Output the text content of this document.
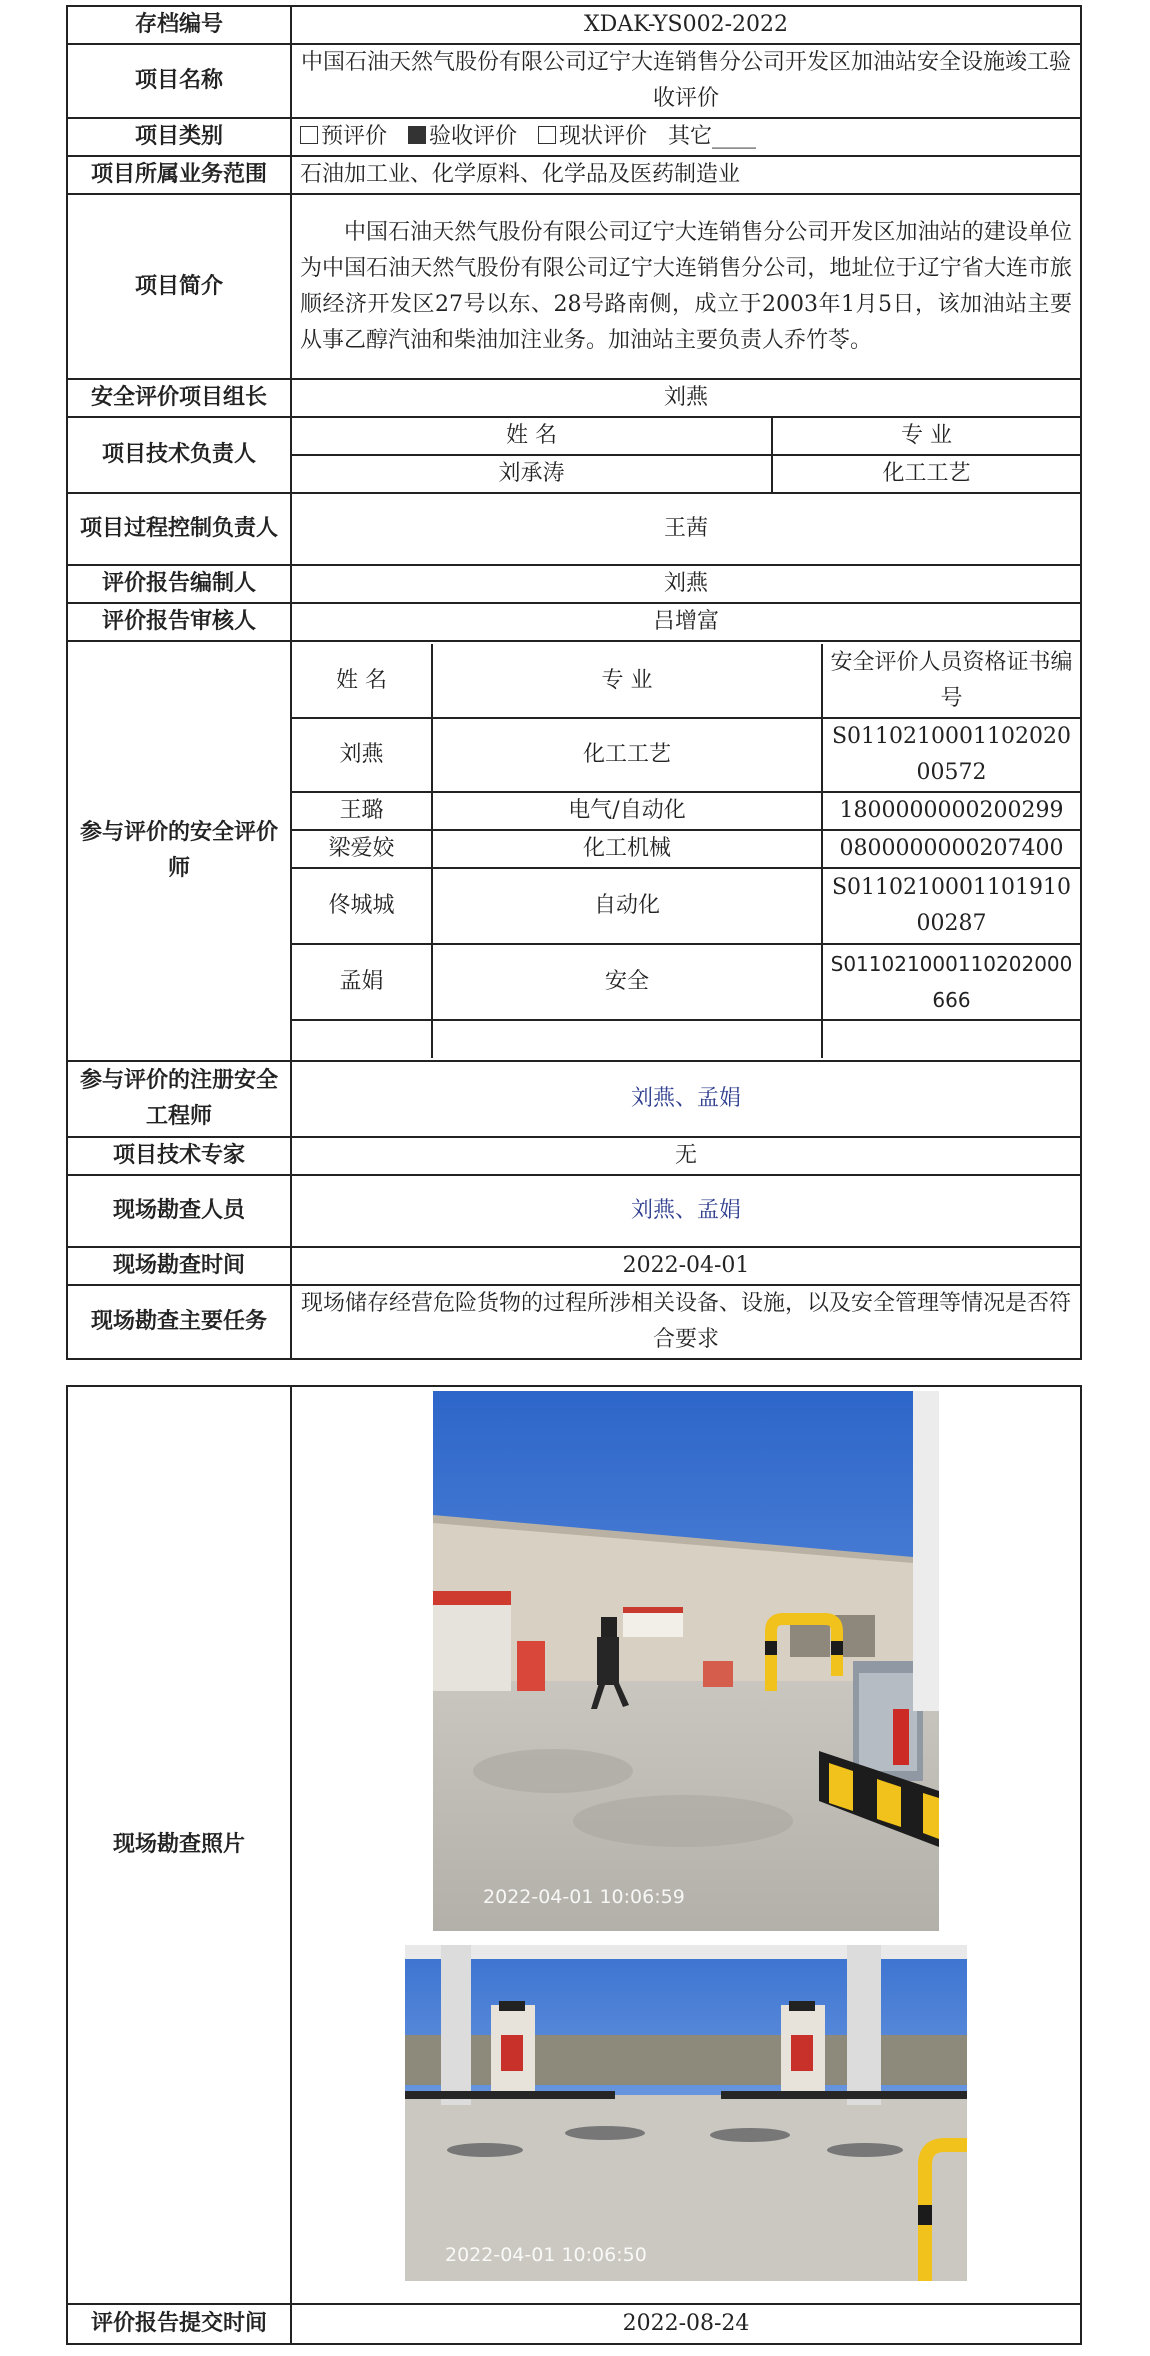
存档编号	XDAK-YS002-2022
项目名称	中国石油天然气股份有限公司辽宁大连销售分公司开发区加油站安全设施竣工验收评价
项目类别	预评价 验收评价 现状评价 其它____
项目所属业务范围	石油加工业、化学原料、化学品及医药制造业
项目简介	中国石油天然气股份有限公司辽宁大连销售分公司开发区加油站的建设单位为中国石油天然气股份有限公司辽宁大连销售分公司，地址位于辽宁省大连市旅顺经济开发区27号以东、28号路南侧，成立于2003年1月5日，该加油站主要从事乙醇汽油和柴油加注业务。加油站主要负责人乔竹苓。
安全评价项目组长	刘燕
项目技术负责人	
姓 名	专 业
刘承涛	化工工艺

项目过程控制负责人	王茜
评价报告编制人	刘燕
评价报告审核人	吕增富
参与评价的安全评价师	
姓 名	专 业	安全评价人员资格证书编号
刘燕	化工工艺	S011021000110202000572
王璐	电气/自动化	1800000000200299
梁爱姣	化工机械	0800000000207400
佟城城	自动化	S011021000110191000287
孟娟	安全	S011021000110202000666

参与评价的注册安全工程师	刘燕、孟娟
项目技术专家	无
现场勘查人员	刘燕、孟娟
现场勘查时间	2022-04-01
现场勘查主要任务	现场储存经营危险货物的过程所涉相关设备、设施，以及安全管理等情况是否符合要求
现场勘查照片	2022-04-01 10:06:59
2022-04-01 10:06:50

评价报告提交时间	2022-08-24
